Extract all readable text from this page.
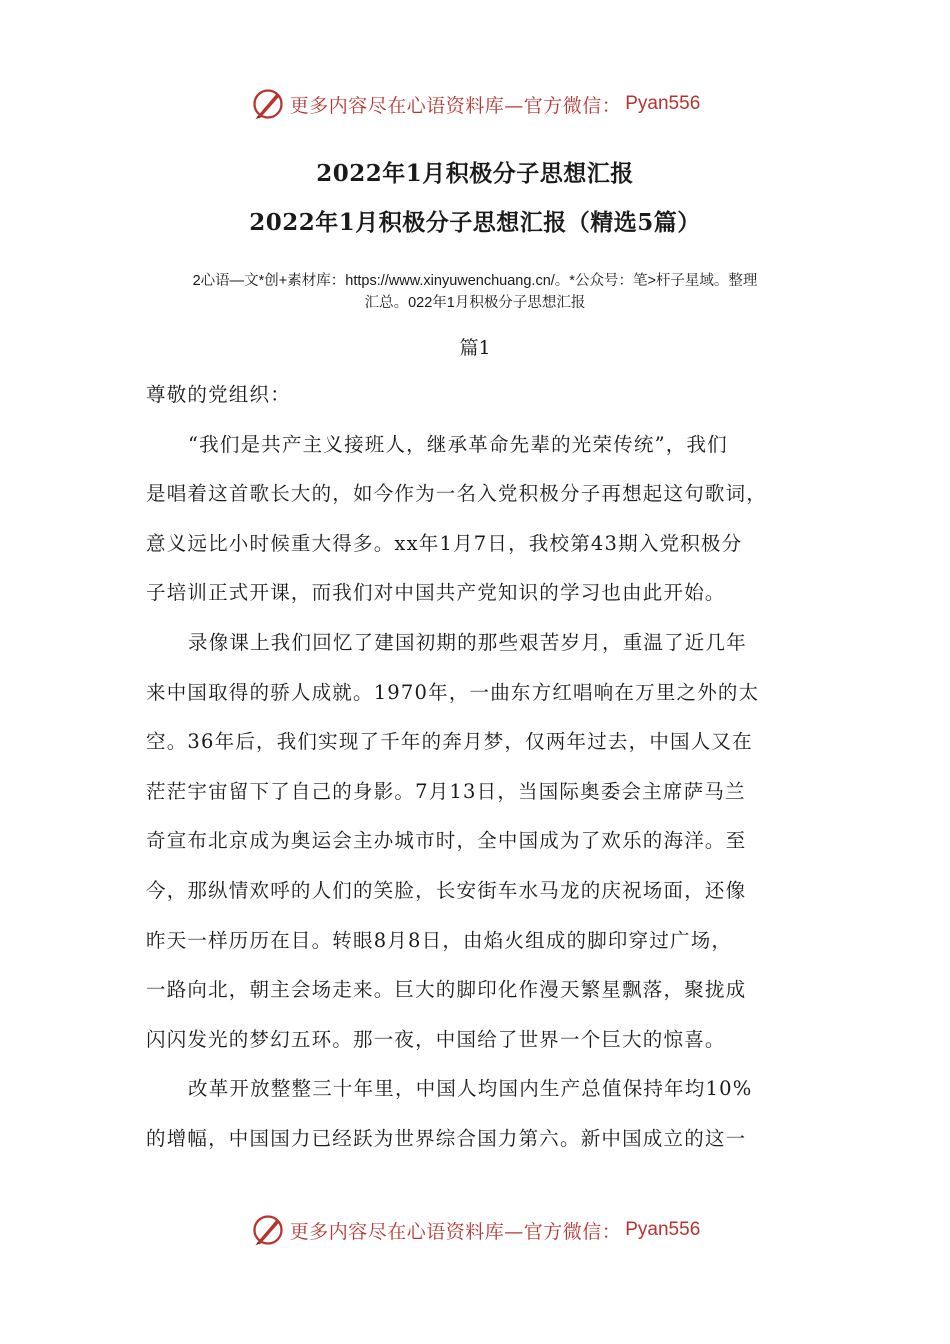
更多内容尽在心语资料库—官方微信： Pyan556
2022年1月积极分子思想汇报
2022年1月积极分子思想汇报（精选5篇）
2心语—文*创+素材库：https://www.xinyuwenchuang.cn/。*公众号：笔>杆子星域。整理
汇总。022年1月积极分子思想汇报
篇1
尊敬的党组织：
“我们是共产主义接班人，继承革命先辈的光荣传统”，我们
是唱着这首歌长大的，如今作为一名入党积极分子再想起这句歌词，
意义远比小时候重大得多。xx年1月7日，我校第43期入党积极分
子培训正式开课，而我们对中国共产党知识的学习也由此开始。
录像课上我们回忆了建国初期的那些艰苦岁月，重温了近几年
来中国取得的骄人成就。1970年，一曲东方红唱响在万里之外的太
空。36年后，我们实现了千年的奔月梦，仅两年过去，中国人又在
茫茫宇宙留下了自己的身影。7月13日，当国际奥委会主席萨马兰
奇宣布北京成为奥运会主办城市时，全中国成为了欢乐的海洋。至
今，那纵情欢呼的人们的笑脸，长安街车水马龙的庆祝场面，还像
昨天一样历历在目。转眼8月8日，由焰火组成的脚印穿过广场，
一路向北，朝主会场走来。巨大的脚印化作漫天繁星飘落，聚拢成
闪闪发光的梦幻五环。那一夜，中国给了世界一个巨大的惊喜。
改革开放整整三十年里，中国人均国内生产总值保持年均10%
的增幅，中国国力已经跃为世界综合国力第六。新中国成立的这一
更多内容尽在心语资料库—官方微信： Pyan556
